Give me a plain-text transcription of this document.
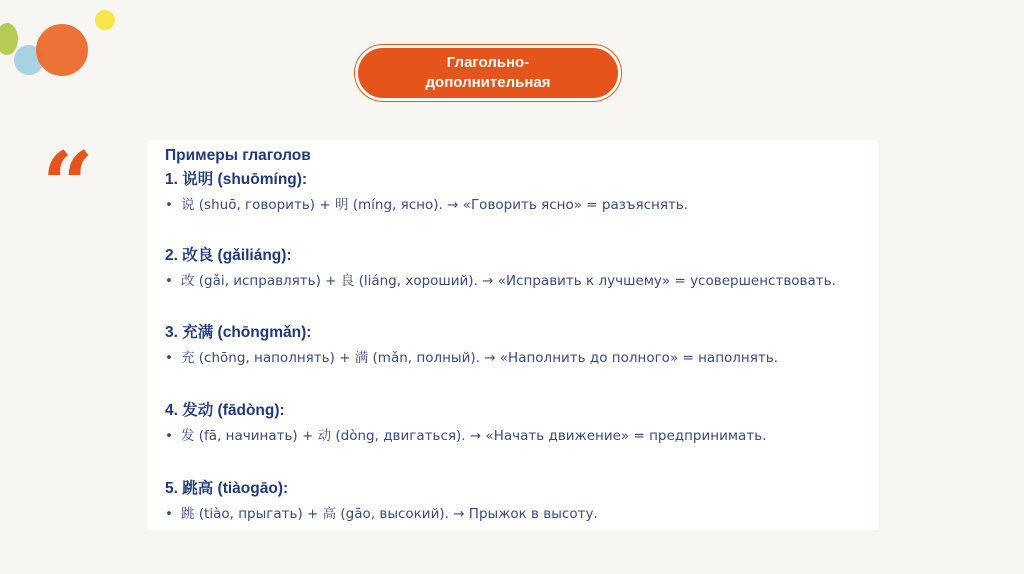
Глагольно-дополнительная
“	Примеры глаголов
1. 说明 (shuōmíng):
• 说 (shuō, говорить) + 明 (míng, ясно). → «Говорить ясно» = разъяснять.
2. 改良 (gǎiliáng):
• 改 (gǎi, исправлять) + 良 (liáng, хороший). → «Исправить к лучшему» = усовершенствовать.
3. 充满 (chōngmǎn):
• 充 (chōng, наполнять) + 满 (mǎn, полный). → «Наполнить до полного» = наполнять.
4. 发动 (fādòng):
• 发 (fā, начинать) + 动 (dòng, двигаться). → «Начать движение» = предпринимать.
5. 跳高 (tiàogāo):
• 跳 (tiào, прыгать) + 高 (gāo, высокий). → Прыжок в высоту.
